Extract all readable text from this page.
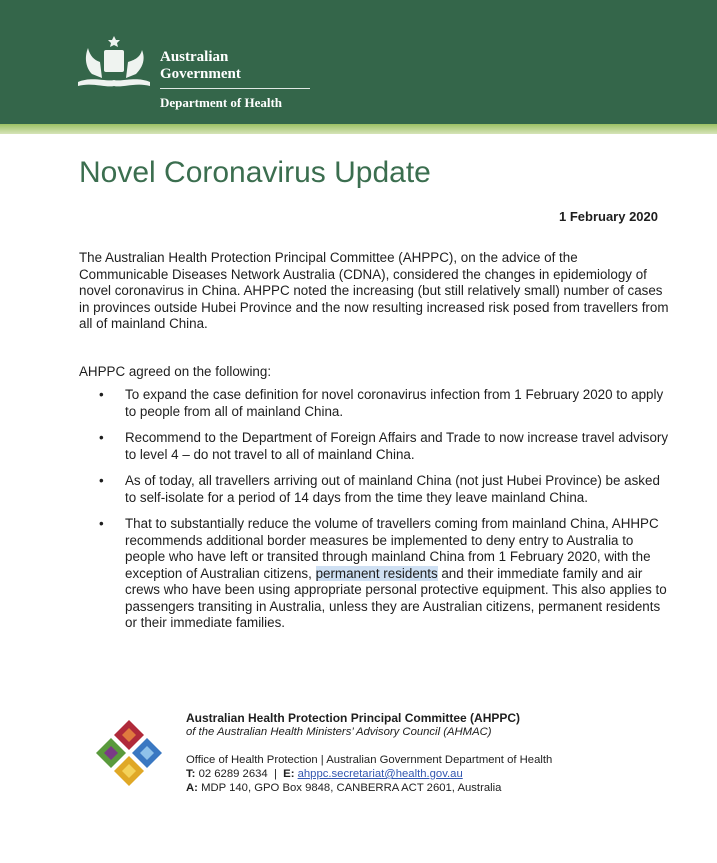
Australian Government
Department of Health
Novel Coronavirus Update
1 February 2020

The Australian Health Protection Principal Committee (AHPPC), on the advice of the Communicable Diseases Network Australia (CDNA), considered the changes in epidemiology of novel coronavirus in China. AHPPC noted the increasing (but still relatively small) number of cases in provinces outside Hubei Province and the now resulting increased risk posed from travellers from all of mainland China.

AHPPC agreed on the following:

• To expand the case definition for novel coronavirus infection from 1 February 2020 to apply to people from all of mainland China.
• Recommend to the Department of Foreign Affairs and Trade to now increase travel advisory to level 4 – do not travel to all of mainland China.
• As of today, all travellers arriving out of mainland China (not just Hubei Province) be asked to self-isolate for a period of 14 days from the time they leave mainland China.
• That to substantially reduce the volume of travellers coming from mainland China, AHHPC recommends additional border measures be implemented to deny entry to Australia to people who have left or transited through mainland China from 1 February 2020, with the exception of Australian citizens, permanent residents and their immediate family and air crews who have been using appropriate personal protective equipment. This also applies to passengers transiting in Australia, unless they are Australian citizens, permanent residents or their immediate families.
Australian Health Protection Principal Committee (AHPPC)
of the Australian Health Ministers’ Advisory Council (AHMAC)
Office of Health Protection | Australian Government Department of Health
T: 02 6289 2634  |  E: ahppc.secretariat@health.gov.au
A: MDP 140, GPO Box 9848, CANBERRA ACT 2601, Australia
